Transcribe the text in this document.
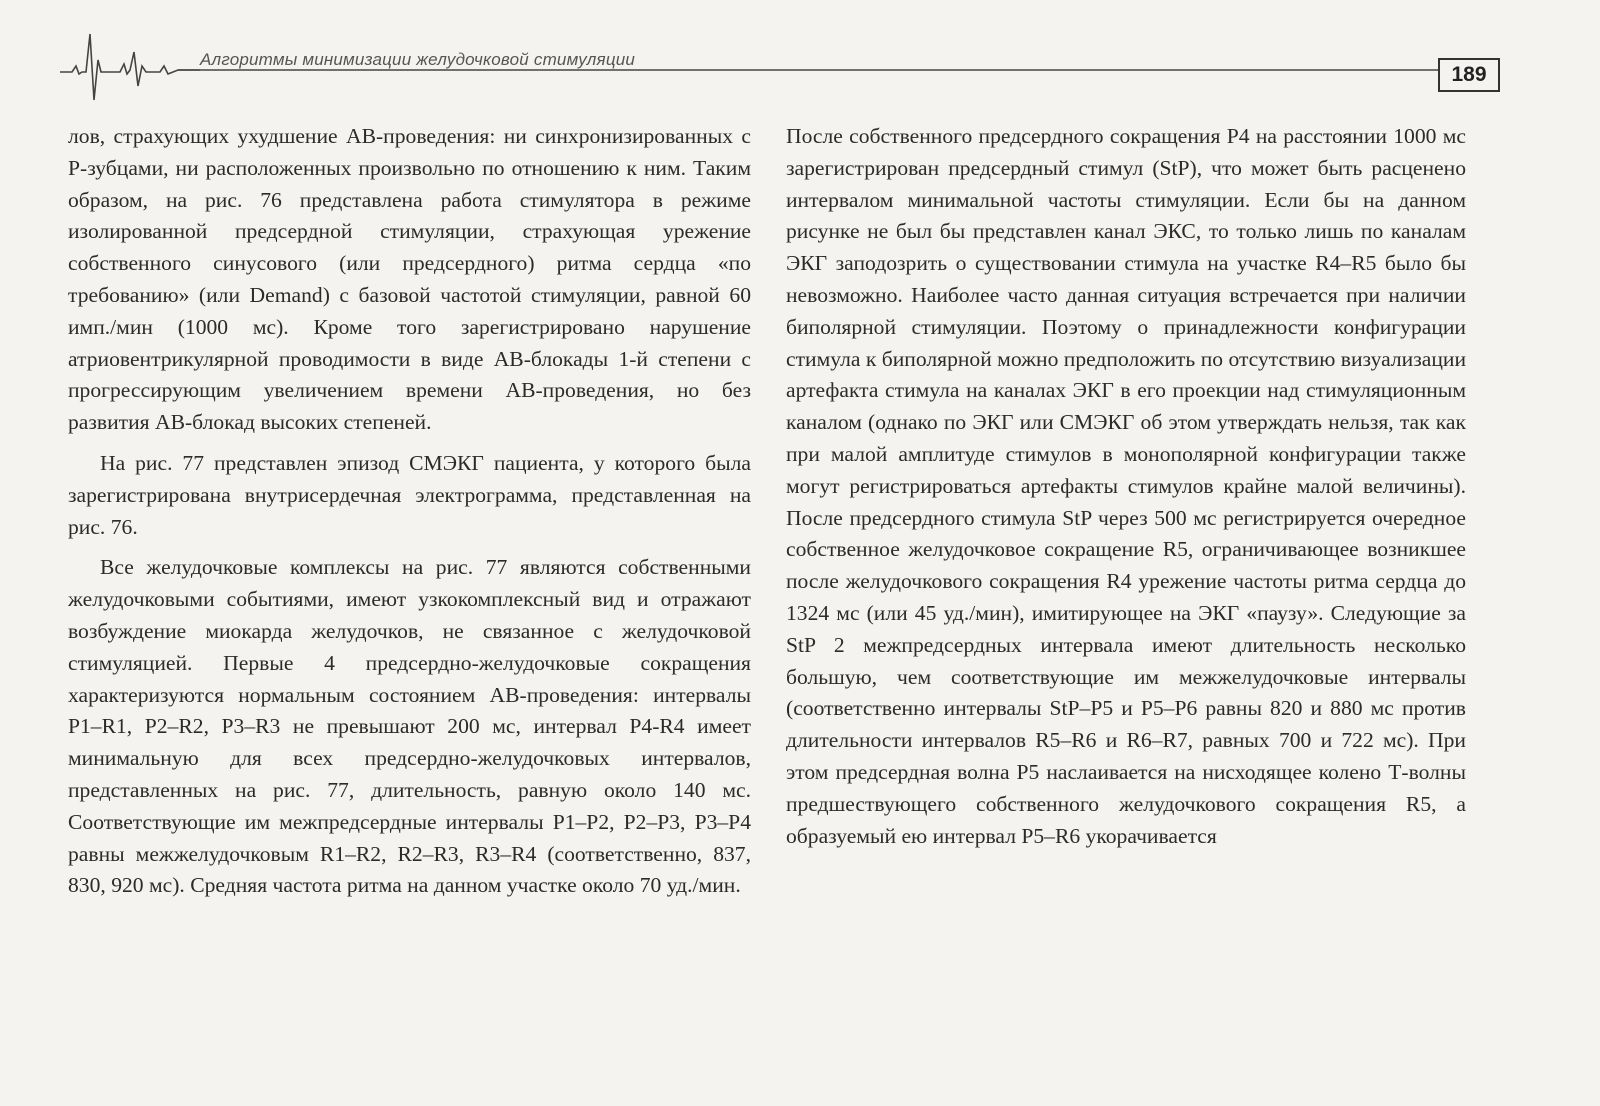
Алгоритмы минимизации желудочковой стимуляции
189

лов, страхующих ухудшение АВ-проведения: ни синхронизированных с Р-зубцами, ни расположенных произвольно по отношению к ним. Таким образом, на рис. 76 представлена работа стимулятора в режиме изолированной предсердной стимуляции, страхующая урежение собственного синусового (или предсердного) ритма сердца «по требованию» (или Demand) с базовой частотой стимуляции, равной 60 имп./мин (1000 мс). Кроме того зарегистрировано нарушение атриовентрикулярной проводимости в виде АВ-блокады 1-й степени с прогрессирующим увеличением времени АВ-проведения, но без развития АВ-блокад высоких степеней.

На рис. 77 представлен эпизод СМЭКГ пациента, у которого была зарегистрирована внутрисердечная электрограмма, представленная на рис. 76.

Все желудочковые комплексы на рис. 77 являются собственными желудочковыми событиями, имеют узкокомплексный вид и отражают возбуждение миокарда желудочков, не связанное с желудочковой стимуляцией. Первые 4 предсердно-желудочковые сокращения характеризуются нормальным состоянием АВ-проведения: интервалы P1–R1, P2–R2, P3–R3 не превышают 200 мс, интервал P4-R4 имеет минимальную для всех предсердно-желудочковых интервалов, представленных на рис. 77, длительность, равную около 140 мс. Соответствующие им межпредсердные интервалы P1–P2, P2–P3, P3–P4 равны межжелудочковым R1–R2, R2–R3, R3–R4 (соответственно, 837, 830, 920 мс). Средняя частота ритма на данном участке около 70 уд./мин.

После собственного предсердного сокращения P4 на расстоянии 1000 мс зарегистрирован предсердный стимул (StP), что может быть расценено интервалом минимальной частоты стимуляции. Если бы на данном рисунке не был бы представлен канал ЭКС, то только лишь по каналам ЭКГ заподозрить о существовании стимула на участке R4–R5 было бы невозможно. Наиболее часто данная ситуация встречается при наличии биполярной стимуляции. Поэтому о принадлежности конфигурации стимула к биполярной можно предположить по отсутствию визуализации артефакта стимула на каналах ЭКГ в его проекции над стимуляционным каналом (однако по ЭКГ или СМЭКГ об этом утверждать нельзя, так как при малой амплитуде стимулов в монополярной конфигурации также могут регистрироваться артефакты стимулов крайне малой величины). После предсердного стимула StP через 500 мс регистрируется очередное собственное желудочковое сокращение R5, ограничивающее возникшее после желудочкового сокращения R4 урежение частоты ритма сердца до 1324 мс (или 45 уд./мин), имитирующее на ЭКГ «паузу». Следующие за StP 2 межпредсердных интервала имеют длительность несколько большую, чем соответствующие им межжелудочковые интервалы (соответственно интервалы StP–P5 и P5–P6 равны 820 и 880 мс против длительности интервалов R5–R6 и R6–R7, равных 700 и 722 мс). При этом предсердная волна P5 наслаивается на нисходящее колено Т-волны предшествующего собственного желудочкового сокращения R5, а образуемый ею интервал P5–R6 укорачивается
